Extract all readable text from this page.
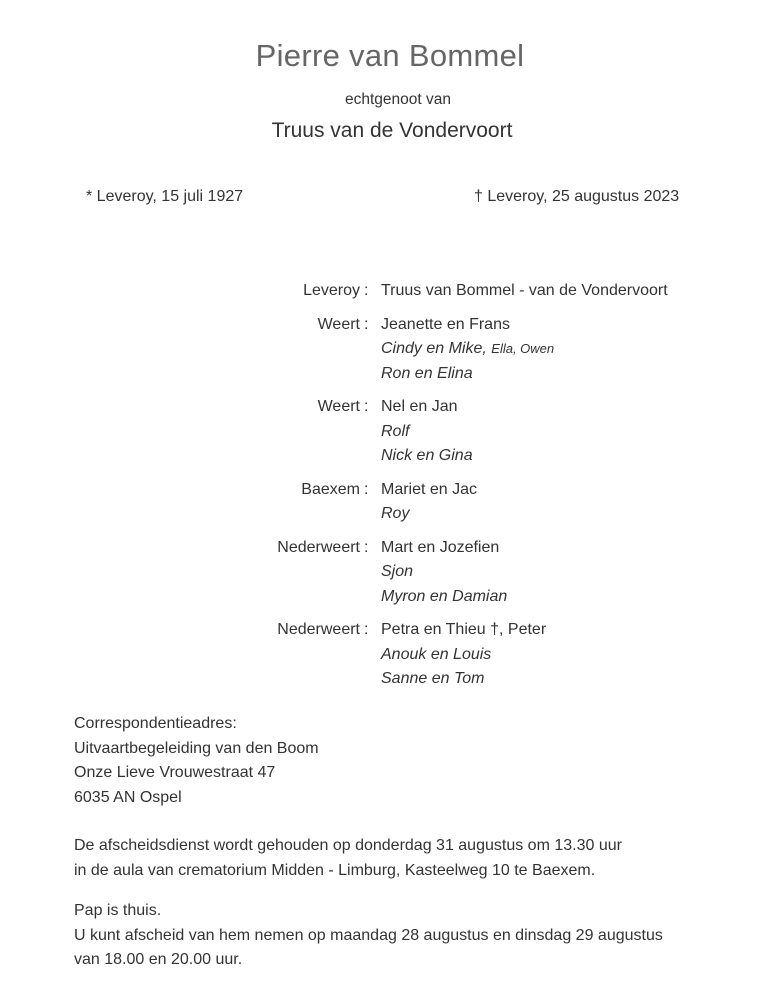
Pierre van Bommel
echtgenoot van
Truus van de Vondervoort
* Leveroy, 15 juli 1927	† Leveroy, 25 augustus 2023
Leveroy : Truus van Bommel - van de Vondervoort
Weert : Jeanette en Frans
Cindy en Mike, Ella, Owen
Ron en Elina
Weert : Nel en Jan
Rolf
Nick en Gina
Baexem : Mariet en Jac
Roy
Nederweert : Mart en Jozefien
Sjon
Myron en Damian
Nederweert : Petra en Thieu †, Peter
Anouk en Louis
Sanne en Tom
Correspondentieadres:
Uitvaartbegeleiding van den Boom
Onze Lieve Vrouwestraat 47
6035 AN Ospel
De afscheidsdienst wordt gehouden op donderdag 31 augustus om 13.30 uur
in de aula van crematorium Midden - Limburg, Kasteelweg 10 te Baexem.
Pap is thuis.
U kunt afscheid van hem nemen op maandag 28 augustus en dinsdag 29 augustus
van 18.00 en 20.00 uur.
